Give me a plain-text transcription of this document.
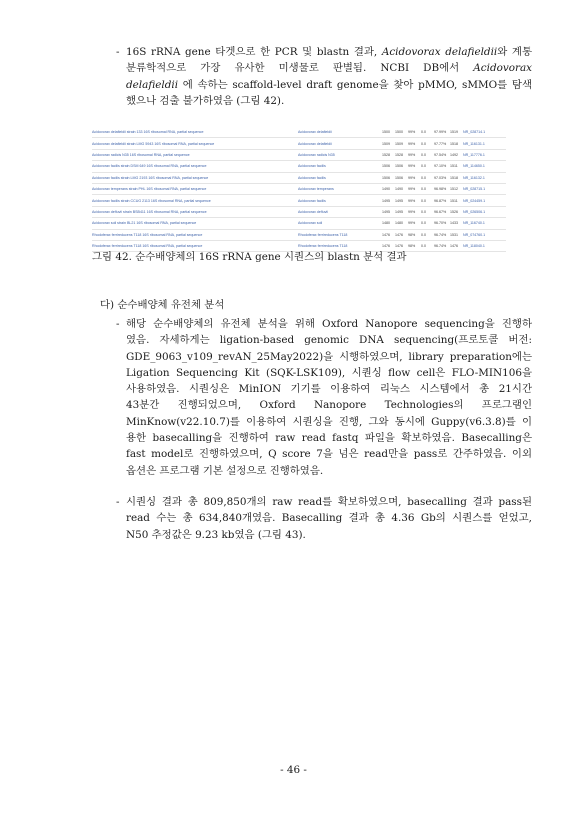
- 16S rRNA gene 타겟으로 한 PCR 및 blastn 결과, Acidovorax delafieldii와 계통
분류학적으로 가장 유사한 미생물로 판별됨. NCBI DB에서 Acidovorax
delafieldii 에 속하는 scaffold-level draft genome을 찾아 pMMO, sMMO를 탐색
했으나 검출 불가하였음 (그림 42).
Acidovorax delafieldii strain 133 16S ribosomal RNA, partial sequence	Acidovorax delafieldii	1500	1500	99%	0.0	97.99%	1519	NR_028714.1
Acidovorax delafieldii strain LMG 5943 16S ribosomal RNA, partial sequence	Acidovorax delafieldii	1509	1509	99%	0.0	97.77%	1518	NR_116131.1
Acidovorax radicis N35 16S ribosomal RNA, partial sequence	Acidovorax radicis N35	1528	1528	99%	0.0	97.54%	1492	NR_117776.1
Acidovorax facilis strain DSM 649 16S ribosomal RNA, partial sequence	Acidovorax facilis	1506	1506	99%	0.0	97.10%	1511	NR_114650.1
Acidovorax facilis strain LMG 2193 16S ribosomal RNA, partial sequence	Acidovorax facilis	1506	1506	99%	0.0	97.03%	1518	NR_116132.1
Acidovorax temperans strain PHL 16S ribosomal RNA, partial sequence	Acidovorax temperans	1490	1490	99%	0.0	96.98%	1512	NR_028715.1
Acidovorax facilis strain CCUG 2113 16S ribosomal RNA, partial sequence	Acidovorax facilis	1495	1495	99%	0.0	96.87%	1511	NR_024459.1
Acidovorax defluvii strain BSB411 16S ribosomal RNA, partial sequence	Acidovorax defluvii	1495	1495	99%	0.0	96.67%	1526	NR_026506.1
Acidovorax soli strain BL21 16S ribosomal RNA, partial sequence	Acidovorax soli	1480	1480	99%	0.0	96.70%	1433	NR_116740.1
Rhodoferax ferrireducens T118 16S ribosomal RNA, partial sequence	Rhodoferax ferrireducens T118	1476	1476	98%	0.0	96.74%	1531	NR_074760.1
Rhodoferax ferrireducens T118 16S ribosomal RNA, partial sequence	Rhodoferax ferrireducens T118	1476	1476	98%	0.0	96.74%	1476	NR_118040.1
그림 42. 순수배양체의 16S rRNA gene 시퀀스의 blastn 분석 결과
다) 순수배양체 유전체 분석
- 해당 순수배양체의 유전체 분석을 위해 Oxford Nanopore sequencing을 진행하
였음. 자세하게는 ligation-based genomic DNA sequencing(프로토콜 버전:
GDE_9063_v109_revAN_25May2022)을 시행하였으며, library preparation에는
Ligation Sequencing Kit (SQK-LSK109), 시퀀싱 flow cell은 FLO-MIN106을
사용하였음. 시퀀싱은 MinION 기기를 이용하여 리눅스 시스템에서 총 21시간
43분간 진행되었으며, Oxford Nanopore Technologies의 프로그램인
MinKnow(v22.10.7)를 이용하여 시퀀싱을 진행, 그와 동시에 Guppy(v6.3.8)를 이
용한 basecalling을 진행하여 raw read fastq 파일을 확보하였음. Basecalling은
fast model로 진행하였으며, Q score 7을 넘은 read만을 pass로 간주하였음. 이외
옵션은 프로그램 기본 설정으로 진행하였음.
- 시퀀싱 결과 총 809,850개의 raw read를 확보하였으며, basecalling 결과 pass된
read 수는 총 634,840개였음. Basecalling 결과 총 4.36 Gb의 시퀀스를 얻었고,
N50 추정값은 9.23 kb였음 (그림 43).
- 46 -
